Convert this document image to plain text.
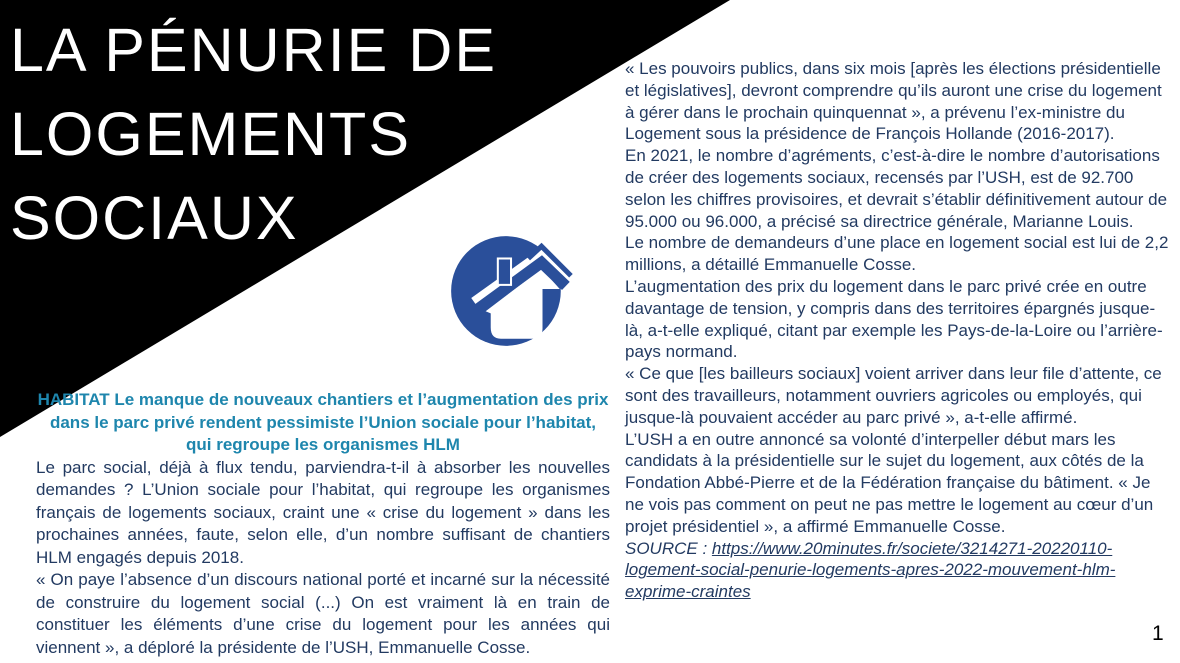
LA PÉNURIE DE
LOGEMENTS
SOCIAUX

HABITAT Le manque de nouveaux chantiers et l’augmentation des prix dans le parc privé rendent pessimiste l’Union sociale pour l’habitat, qui regroupe les organismes HLM

Le parc social, déjà à flux tendu, parviendra-t-il à absorber les nouvelles demandes ? L’Union sociale pour l’habitat, qui regroupe les organismes français de logements sociaux, craint une « crise du logement » dans les prochaines années, faute, selon elle, d’un nombre suffisant de chantiers HLM engagés depuis 2018.

« On paye l’absence d’un discours national porté et incarné sur la nécessité de construire du logement social (...) On est vraiment là en train de constituer les éléments d’une crise du logement pour les années qui viennent », a déploré la présidente de l’USH, Emmanuelle Cosse.

« Les pouvoirs publics, dans six mois [après les élections présidentielle et législatives], devront comprendre qu’ils auront une crise du logement à gérer dans le prochain quinquennat », a prévenu l’ex-ministre du Logement sous la présidence de François Hollande (2016-2017).

En 2021, le nombre d’agréments, c’est-à-dire le nombre d’autorisations de créer des logements sociaux, recensés par l’USH, est de 92.700 selon les chiffres provisoires, et devrait s’établir définitivement autour de 95.000 ou 96.000, a précisé sa directrice générale, Marianne Louis.

Le nombre de demandeurs d’une place en logement social est lui de 2,2 millions, a détaillé Emmanuelle Cosse.

L’augmentation des prix du logement dans le parc privé crée en outre davantage de tension, y compris dans des territoires épargnés jusque-là, a-t-elle expliqué, citant par exemple les Pays-de-la-Loire ou l’arrière-pays normand.

« Ce que [les bailleurs sociaux] voient arriver dans leur file d’attente, ce sont des travailleurs, notamment ouvriers agricoles ou employés, qui jusque-là pouvaient accéder au parc privé », a-t-elle affirmé.

L’USH a en outre annoncé sa volonté d’interpeller début mars les candidats à la présidentielle sur le sujet du logement, aux côtés de la Fondation Abbé-Pierre et de la Fédération française du bâtiment. « Je ne vois pas comment on peut ne pas mettre le logement au cœur d’un projet présidentiel », a affirmé Emmanuelle Cosse.

SOURCE : https://www.20minutes.fr/societe/3214271-20220110-logement-social-penurie-logements-apres-2022-mouvement-hlm-exprime-craintes

1
